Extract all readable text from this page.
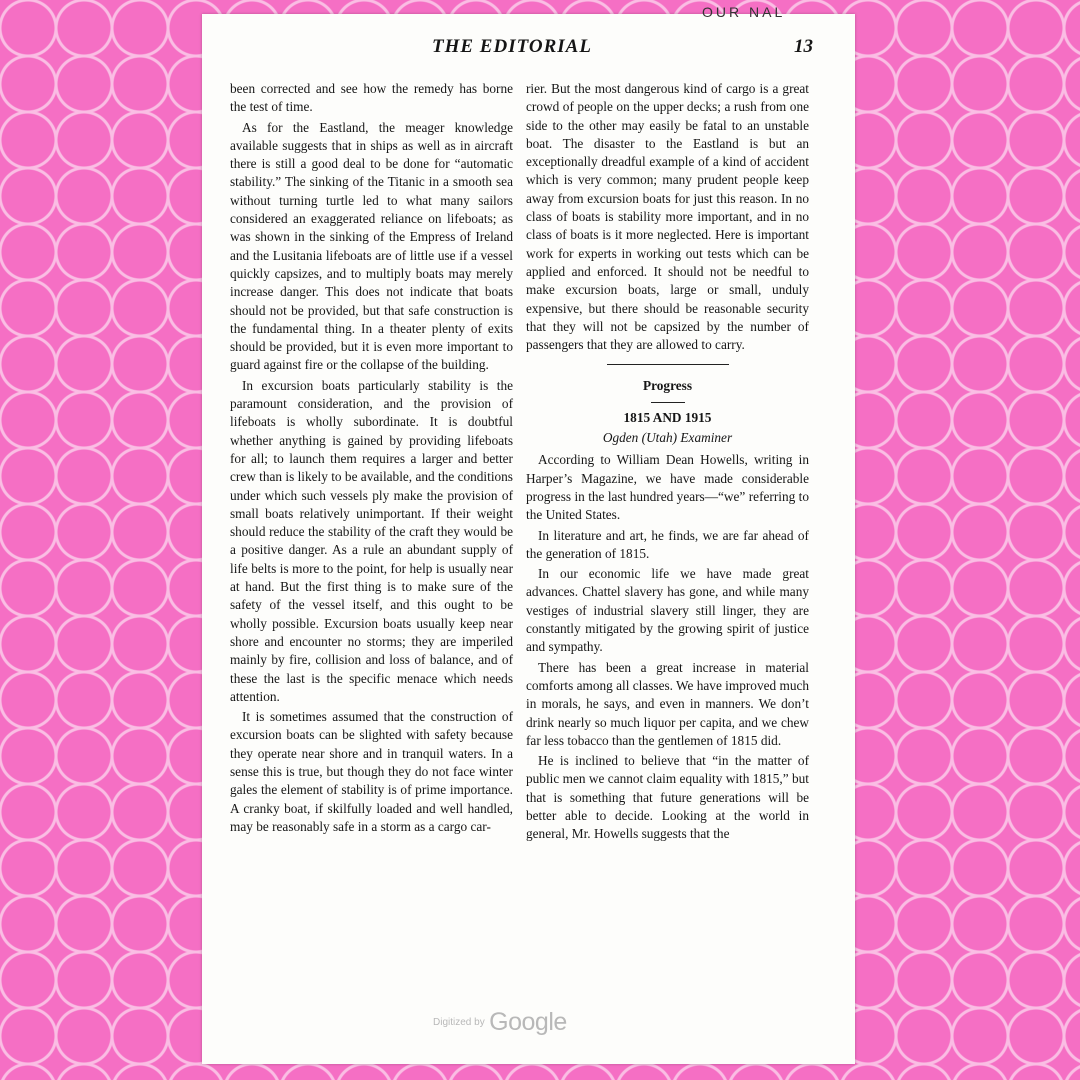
OUR NAL
THE EDITORIAL	13

been corrected and see how the remedy has borne the test of time.

As for the Eastland, the meager knowledge available suggests that in ships as well as in aircraft there is still a good deal to be done for “automatic stability.” The sinking of the Titanic in a smooth sea without turning turtle led to what many sailors considered an exaggerated reliance on lifeboats; as was shown in the sinking of the Empress of Ireland and the Lusitania lifeboats are of little use if a vessel quickly capsizes, and to multiply boats may merely increase danger. This does not indicate that boats should not be provided, but that safe construction is the fundamental thing. In a theater plenty of exits should be provided, but it is even more important to guard against fire or the collapse of the building.

In excursion boats particularly stability is the paramount consideration, and the provision of lifeboats is wholly subordinate. It is doubtful whether anything is gained by providing lifeboats for all; to launch them requires a larger and better crew than is likely to be available, and the conditions under which such vessels ply make the provision of small boats relatively unimportant. If their weight should reduce the stability of the craft they would be a positive danger. As a rule an abundant supply of life belts is more to the point, for help is usually near at hand. But the first thing is to make sure of the safety of the vessel itself, and this ought to be wholly possible. Excursion boats usually keep near shore and encounter no storms; they are imperiled mainly by fire, collision and loss of balance, and of these the last is the specific menace which needs attention.

It is sometimes assumed that the construction of excursion boats can be slighted with safety because they operate near shore and in tranquil waters. In a sense this is true, but though they do not face winter gales the element of stability is of prime importance. A cranky boat, if skilfully loaded and well handled, may be reasonably safe in a storm as a cargo car-

rier. But the most dangerous kind of cargo is a great crowd of people on the upper decks; a rush from one side to the other may easily be fatal to an unstable boat. The disaster to the Eastland is but an exceptionally dreadful example of a kind of accident which is very common; many prudent people keep away from excursion boats for just this reason. In no class of boats is stability more important, and in no class of boats is it more neglected. Here is important work for experts in working out tests which can be applied and enforced. It should not be needful to make excursion boats, large or small, unduly expensive, but there should be reasonable security that they will not be capsized by the number of passengers that they are allowed to carry.

Progress
1815 AND 1915
Ogden (Utah) Examiner

According to William Dean Howells, writing in Harper’s Magazine, we have made considerable progress in the last hundred years—“we” referring to the United States.

In literature and art, he finds, we are far ahead of the generation of 1815.

In our economic life we have made great advances. Chattel slavery has gone, and while many vestiges of industrial slavery still linger, they are constantly mitigated by the growing spirit of justice and sympathy.

There has been a great increase in material comforts among all classes. We have improved much in morals, he says, and even in manners. We don’t drink nearly so much liquor per capita, and we chew far less tobacco than the gentlemen of 1815 did.

He is inclined to believe that “in the matter of public men we cannot claim equality with 1815,” but that is something that future generations will be better able to decide. Looking at the world in general, Mr. Howells suggests that the

Digitized by Google
